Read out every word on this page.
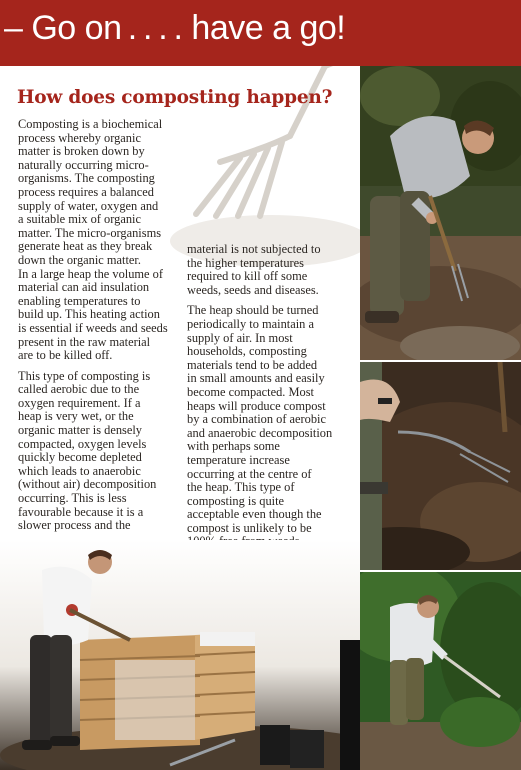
– Go on . . . . have a go!
How does composting happen?

Composting is a biochemical
process whereby organic
matter is broken down by
naturally occurring micro-
organisms. The composting
process requires a balanced
supply of water, oxygen and
a suitable mix of organic
matter. The micro-organisms
generate heat as they break
down the organic matter.
In a large heap the volume of
material can aid insulation
enabling temperatures to
build up. This heating action
is essential if weeds and seeds
present in the raw material
are to be killed off.

This type of composting is
called aerobic due to the
oxygen requirement. If a
heap is very wet, or the
organic matter is densely
compacted, oxygen levels
quickly become depleted
which leads to anaerobic
(without air) decomposition
occurring. This is less
favourable because it is a
slower process and the

material is not subjected to
the higher temperatures
required to kill off some
weeds, seeds and diseases.

The heap should be turned
periodically to maintain a
supply of air. In most
households, composting
materials tend to be added
in small amounts and easily
become compacted. Most
heaps will produce compost
by a combination of aerobic
and anaerobic decomposition
with perhaps some
temperature increase
occurring at the centre of
the heap. This type of
composting is quite
acceptable even though the
compost is unlikely to be
